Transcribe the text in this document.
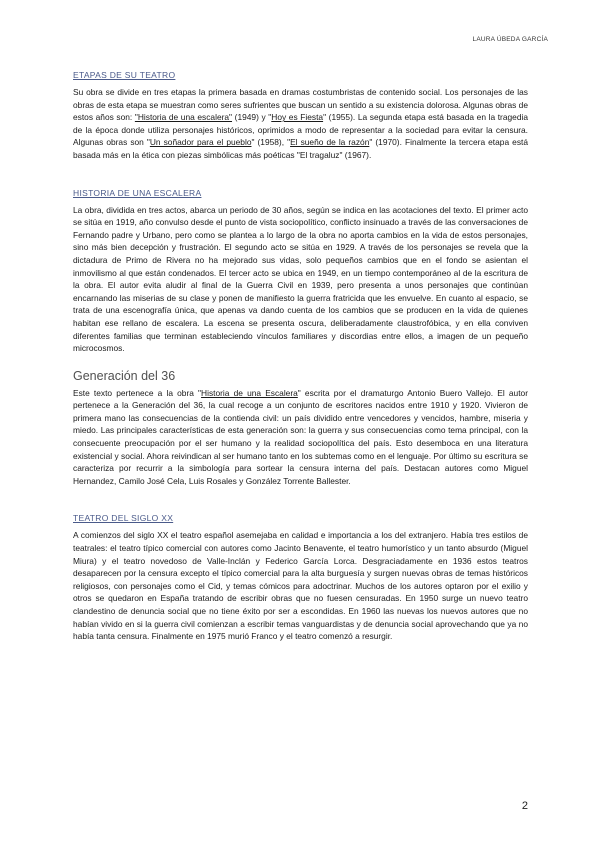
LAURA ÚBEDA GARCÍA
ETAPAS DE SU TEATRO

Su obra se divide en tres etapas la primera basada en dramas costumbristas de contenido social. Los personajes de las obras de esta etapa se muestran como seres sufrientes que buscan un sentido a su existencia dolorosa. Algunas obras de estos años son: "Historia de una escalera" (1949) y "Hoy es Fiesta" (1955). La segunda etapa está basada en la tragedia de la época donde utiliza personajes históricos, oprimidos a modo de representar a la sociedad para evitar la censura. Algunas obras son "Un soñador para el pueblo" (1958), "El sueño de la razón" (1970). Finalmente la tercera etapa está basada más en la ética con piezas simbólicas más poéticas "El tragaluz" (1967).

HISTORIA DE UNA ESCALERA

La obra, dividida en tres actos, abarca un periodo de 30 años, según se indica en las acotaciones del texto. El primer acto se sitúa en 1919, año convulso desde el punto de vista sociopolítico, conflicto insinuado a través de las conversaciones de Fernando padre y Urbano, pero como se plantea a lo largo de la obra no aporta cambios en la vida de estos personajes, sino más bien decepción y frustración. El segundo acto se sitúa en 1929. A través de los personajes se revela que la dictadura de Primo de Rivera no ha mejorado sus vidas, solo pequeños cambios que en el fondo se asientan el inmovilismo al que están condenados. El tercer acto se ubica en 1949, en un tiempo contemporáneo al de la escritura de la obra. El autor evita aludir al final de la Guerra Civil en 1939, pero presenta a unos personajes que continúan encarnando las miserias de su clase y ponen de manifiesto la guerra fratricida que les envuelve. En cuanto al espacio, se trata de una escenografía única, que apenas va dando cuenta de los cambios que se producen en la vida de quienes habitan ese rellano de escalera. La escena se presenta oscura, deliberadamente claustrofóbica, y en ella conviven diferentes familias que terminan estableciendo vínculos familiares y discordias entre ellos, a imagen de un pequeño microcosmos.

Generación del 36

Este texto pertenece a la obra "Historia de una Escalera" escrita por el dramaturgo Antonio Buero Vallejo. El autor pertenece a la Generación del 36, la cual recoge a un conjunto de escritores nacidos entre 1910 y 1920. Vivieron de primera mano las consecuencias de la contienda civil: un país dividido entre vencedores y vencidos, hambre, miseria y miedo. Las principales características de esta generación son: la guerra y sus consecuencias como tema principal, con la consecuente preocupación por el ser humano y la realidad sociopolítica del país. Esto desemboca en una literatura existencial y social. Ahora reivindican al ser humano tanto en los subtemas como en el lenguaje. Por último su escritura se caracteriza por recurrir a la simbología para sortear la censura interna del país. Destacan autores como Miguel Hernandez, Camilo José Cela, Luis Rosales y González Torrente Ballester.

TEATRO DEL SIGLO XX

A comienzos del siglo XX el teatro español asemejaba en calidad e importancia a los del extranjero. Había tres estilos de teatrales: el teatro típico comercial con autores como Jacinto Benavente, el teatro humorístico y un tanto absurdo (Miguel Miura) y el teatro novedoso de Valle-Inclán y Federico García Lorca. Desgraciadamente en 1936 estos teatros desaparecen por la censura excepto el típico comercial para la alta burguesía y surgen nuevas obras de temas históricos religiosos, con personajes como el Cid, y temas cómicos para adoctrinar. Muchos de los autores optaron por el exilio y otros se quedaron en España tratando de escribir obras que no fuesen censuradas. En 1950 surge un nuevo teatro clandestino de denuncia social que no tiene éxito por ser a escondidas. En 1960 las nuevas los nuevos autores que no habían vivido en si la guerra civil comienzan a escribir temas vanguardistas y de denuncia social aprovechando que ya no había tanta censura. Finalmente en 1975 murió Franco y el teatro comenzó a resurgir.

2
